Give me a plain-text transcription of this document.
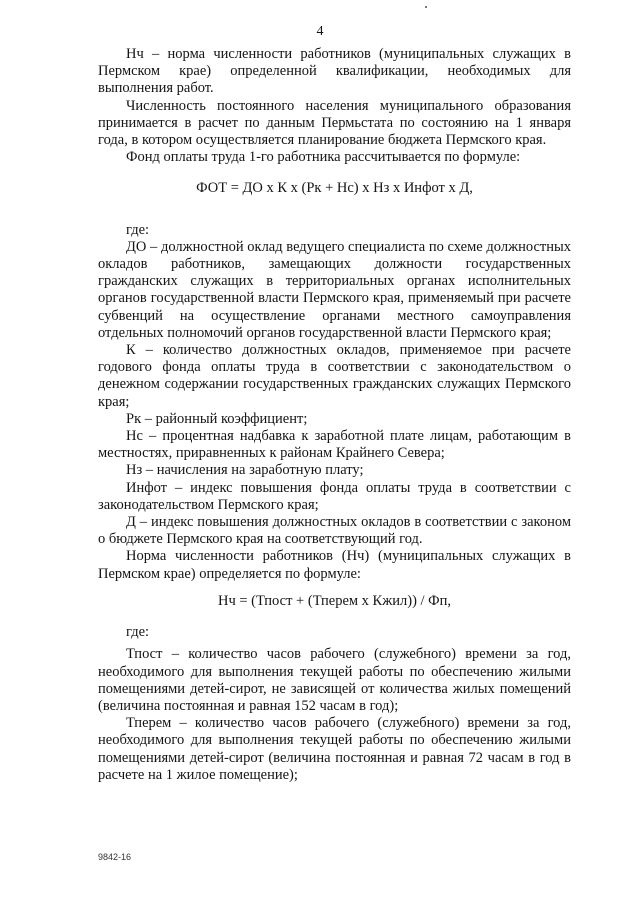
4

Нч – норма численности работников (муниципальных служащих в Пермском крае) определенной квалификации, необходимых для выполнения работ.

Численность постоянного населения муниципального образования принимается в расчет по данным Пермьстата по состоянию на 1 января года, в котором осуществляется планирование бюджета Пермского края.

Фонд оплаты труда 1-го работника рассчитывается по формуле:

ФОТ = ДО х К х (Рк + Нс) х Нз х Инфот х Д,

где:

ДО – должностной оклад ведущего специалиста по схеме должностных окладов работников, замещающих должности государственных гражданских служащих в территориальных органах исполнительных органов государственной власти Пермского края, применяемый при расчете субвенций на осуществление органами местного самоуправления отдельных полномочий органов государственной власти Пермского края;

К – количество должностных окладов, применяемое при расчете годового фонда оплаты труда в соответствии с законодательством о денежном содержании государственных гражданских служащих Пермского края;

Рк – районный коэффициент;

Нс – процентная надбавка к заработной плате лицам, работающим в местностях, приравненных к районам Крайнего Севера;

Нз – начисления на заработную плату;

Инфот – индекс повышения фонда оплаты труда в соответствии с законодательством Пермского края;

Д – индекс повышения должностных окладов в соответствии с законом о бюджете Пермского края на соответствующий год.

Норма численности работников (Нч) (муниципальных служащих в Пермском крае) определяется по формуле:

Нч = (Тпост + (Тперем х Кжил)) / Фп,

где:

Тпост – количество часов рабочего (служебного) времени за год, необходимого для выполнения текущей работы по обеспечению жилыми помещениями детей-сирот, не зависящей от количества жилых помещений (величина постоянная и равная 152 часам в год);

Тперем – количество часов рабочего (служебного) времени за год, необходимого для выполнения текущей работы по обеспечению жилыми помещениями детей-сирот (величина постоянная и равная 72 часам в год в расчете на 1 жилое помещение);

9842-16
